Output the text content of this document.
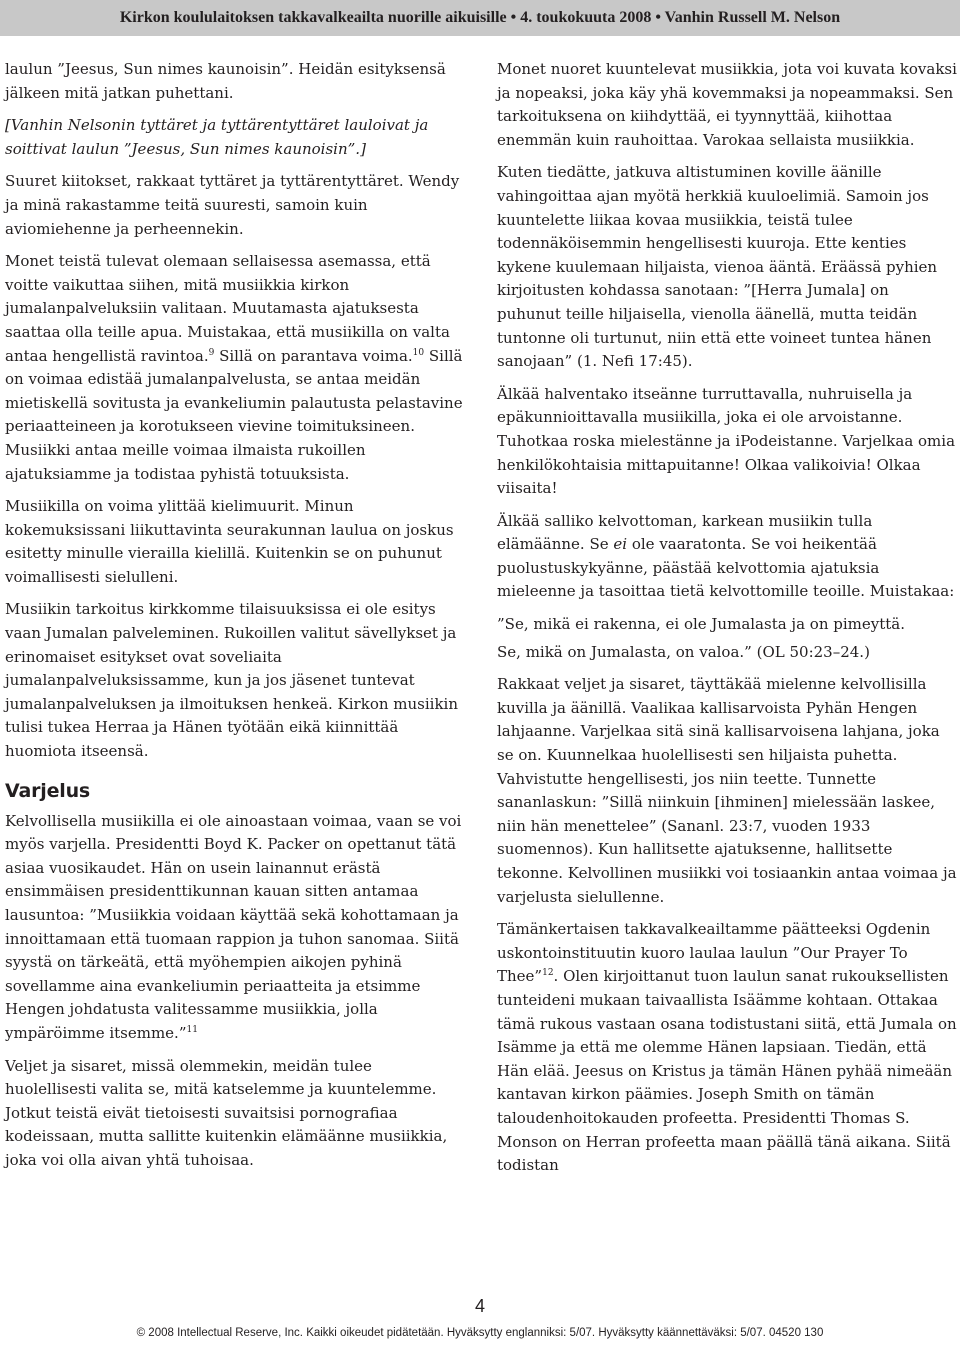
Kirkon koululaitoksen takkavalkeailta nuorille aikuisille • 4. toukokuuta 2008 • Vanhin Russell M. Nelson

laulun ”Jeesus, Sun nimes kaunoisin”. Heidän esityksensä jälkeen mitä jatkan puhettani.

[Vanhin Nelsonin tyttäret ja tyttärentyttäret lauloivat ja soittivat laulun ”Jeesus, Sun nimes kaunoisin”.]

Suuret kiitokset, rakkaat tyttäret ja tyttärentyttäret. Wendy ja minä rakastamme teitä suuresti, samoin kuin aviomiehenne ja perheennekin.

Monet teistä tulevat olemaan sellaisessa asemassa, että voitte vaikuttaa siihen, mitä musiikkia kirkon jumalanpalveluksiin valitaan. Muutamasta ajatuksesta saattaa olla teille apua. Muistakaa, että musiikilla on valta antaa hengellistä ravintoa.$^9$ Sillä on parantava voima.$^{10}$ Sillä on voimaa edistää jumalanpalvelusta, se antaa meidän mietiskellä sovitusta ja evankeliumin palautusta pelastavine periaatteineen ja korotukseen vievine toimituksineen. Musiikki antaa meille voimaa ilmaista rukoillen ajatuksiamme ja todistaa pyhistä totuuksista.

Musiikilla on voima ylittää kielimuurit. Minun kokemuksissani liikuttavinta seurakunnan laulua on joskus esitetty minulle vierailla kielillä. Kuitenkin se on puhunut voimallisesti sielulleni.

Musiikin tarkoitus kirkkomme tilaisuuksissa ei ole esitys vaan Jumalan palveleminen. Rukoillen valitut sävellykset ja erinomaiset esitykset ovat soveliaita jumalanpalveluksissamme, kun ja jos jäsenet tuntevat jumalanpalveluksen ja ilmoituksen henkeä. Kirkon musiikin tulisi tukea Herraa ja Hänen työtään eikä kiinnittää huomiota itseensä.

Varjelus

Kelvollisella musiikilla ei ole ainoastaan voimaa, vaan se voi myös varjella. Presidentti Boyd K. Packer on opettanut tätä asiaa vuosikaudet. Hän on usein lainannut erästä ensimmäisen presidenttikunnan kauan sitten antamaa lausuntoa: ”Musiikkia voidaan käyttää sekä kohottamaan ja innoittamaan että tuomaan rappion ja tuhon sanomaa. Siitä syystä on tärkeätä, että myöhempien aikojen pyhinä sovellamme aina evankeliumin periaatteita ja etsimme Hengen johdatusta valitessamme musiikkia, jolla ympäröimme itsemme.”$^{11}$

Veljet ja sisaret, missä olemmekin, meidän tulee huolellisesti valita se, mitä katselemme ja kuuntelemme. Jotkut teistä eivät tietoisesti suvaitsisi pornografiaa kodeissaan, mutta sallitte kuitenkin elämäänne musiikkia, joka voi olla aivan yhtä tuhoisaa.

Monet nuoret kuuntelevat musiikkia, jota voi kuvata kovaksi ja nopeaksi, joka käy yhä kovemmaksi ja nopeammaksi. Sen tarkoituksena on kiihdyttää, ei tyynnyttää, kiihottaa enemmän kuin rauhoittaa. Varokaa sellaista musiikkia.

Kuten tiedätte, jatkuva altistuminen koville äänille vahingoittaa ajan myötä herkkiä kuuloelimiä. Samoin jos kuuntelette liikaa kovaa musiikkia, teistä tulee todennäköisemmin hengellisesti kuuroja. Ette kenties kykene kuulemaan hiljaista, vienoa ääntä. Eräässä pyhien kirjoitusten kohdassa sanotaan: ”[Herra Jumala] on puhunut teille hiljaisella, vienolla äänellä, mutta teidän tuntonne oli turtunut, niin että ette voineet tuntea hänen sanojaan” (1. Nefi 17:45).

Älkää halventako itseänne turruttavalla, nuhruisella ja epäkunnioittavalla musiikilla, joka ei ole arvoistanne. Tuhotkaa roska mielestänne ja iPodeistanne. Varjelkaa omia henkilökohtaisia mittapuitanne! Olkaa valikoivia! Olkaa viisaita!

Älkää salliko kelvottoman, karkean musiikin tulla elämäänne. Se ei ole vaaratonta. Se voi heikentää puolustuskykyänne, päästää kelvottomia ajatuksia mieleenne ja tasoittaa tietä kelvottomille teoille. Muistakaa:

”Se, mikä ei rakenna, ei ole Jumalasta ja on pimeyttä.

Se, mikä on Jumalasta, on valoa.” (OL 50:23–24.)

Rakkaat veljet ja sisaret, täyttäkää mielenne kelvollisilla kuvilla ja äänillä. Vaalikaa kallisarvoista Pyhän Hengen lahjaanne. Varjelkaa sitä sinä kallisarvoisena lahjana, joka se on. Kuunnelkaa huolellisesti sen hiljaista puhetta. Vahvistutte hengellisesti, jos niin teette. Tunnette sananlaskun: ”Sillä niinkuin [ihminen] mielessään laskee, niin hän menettelee” (Sananl. 23:7, vuoden 1933 suomennos). Kun hallitsette ajatuksenne, hallitsette tekonne. Kelvollinen musiikki voi tosiaankin antaa voimaa ja varjelusta sielullenne.

Tämänkertaisen takkavalkeailtamme päätteeksi Ogdenin uskontoinstituutin kuoro laulaa laulun ”Our Prayer To Thee”$^{12}$. Olen kirjoittanut tuon laulun sanat rukouksellisten tunteideni mukaan taivaallista Isäämme kohtaan. Ottakaa tämä rukous vastaan osana todistustani siitä, että Jumala on Isämme ja että me olemme Hänen lapsiaan. Tiedän, että Hän elää. Jeesus on Kristus ja tämän Hänen pyhää nimeään kantavan kirkon päämies. Joseph Smith on tämän taloudenhoitokauden profeetta. Presidentti Thomas S. Monson on Herran profeetta maan päällä tänä aikana. Siitä todistan

4
© 2008 Intellectual Reserve, Inc. Kaikki oikeudet pidätetään. Hyväksytty englanniksi: 5/07. Hyväksytty käännettäväksi: 5/07. 04520 130
